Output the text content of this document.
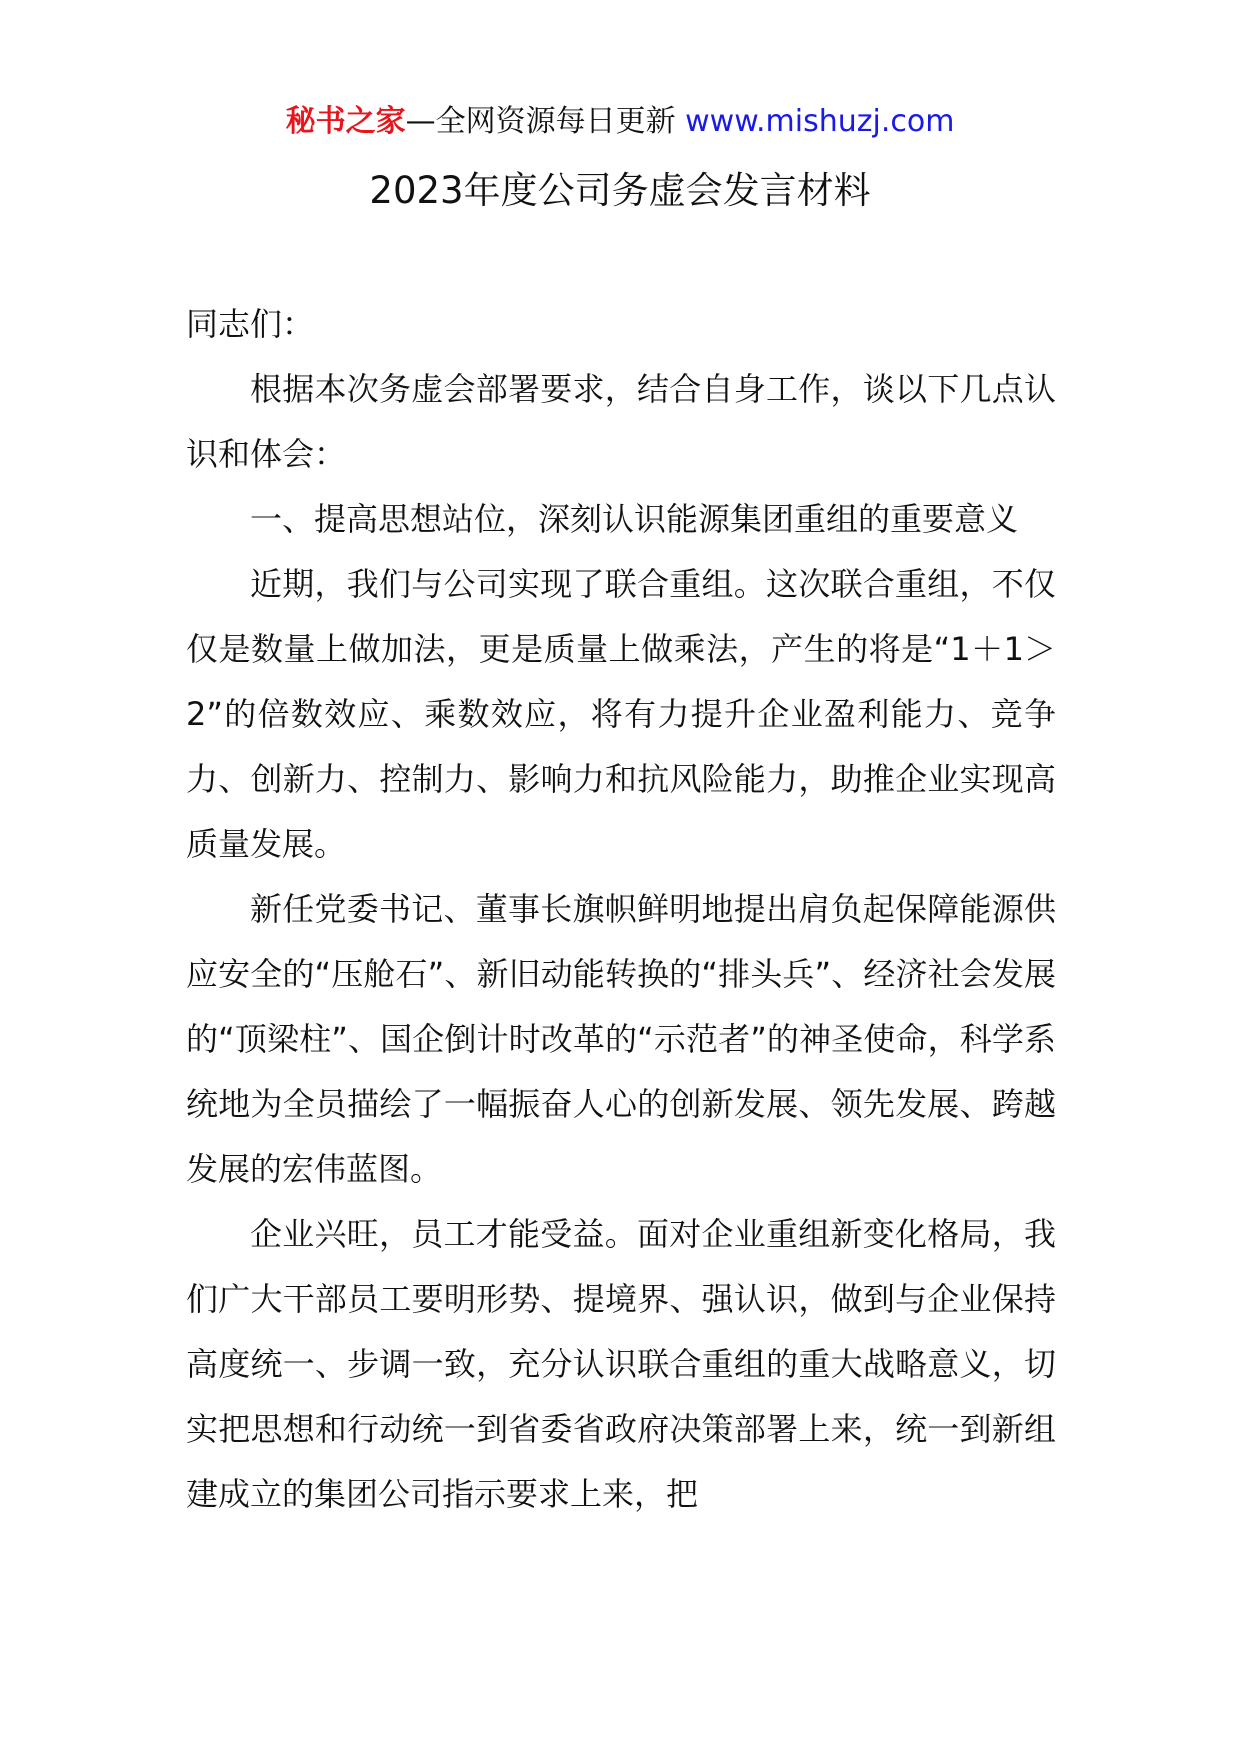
秘书之家—全网资源每日更新 www.mishuzj.com
2023年度公司务虚会发言材料

同志们：

根据本次务虚会部署要求，结合自身工作，谈以下几点认识和体会：

一、提高思想站位，深刻认识能源集团重组的重要意义

近期，我们与公司实现了联合重组。这次联合重组，不仅仅是数量上做加法，更是质量上做乘法，产生的将是“1＋1＞2”的倍数效应、乘数效应，将有力提升企业盈利能力、竞争力、创新力、控制力、影响力和抗风险能力，助推企业实现高质量发展。

新任党委书记、董事长旗帜鲜明地提出肩负起保障能源供应安全的“压舱石”、新旧动能转换的“排头兵”、经济社会发展的“顶梁柱”、国企倒计时改革的“示范者”的神圣使命，科学系统地为全员描绘了一幅振奋人心的创新发展、领先发展、跨越发展的宏伟蓝图。

企业兴旺，员工才能受益。面对企业重组新变化格局，我们广大干部员工要明形势、提境界、强认识，做到与企业保持高度统一、步调一致，充分认识联合重组的重大战略意义，切实把思想和行动统一到省委省政府决策部署上来，统一到新组建成立的集团公司指示要求上来，把
